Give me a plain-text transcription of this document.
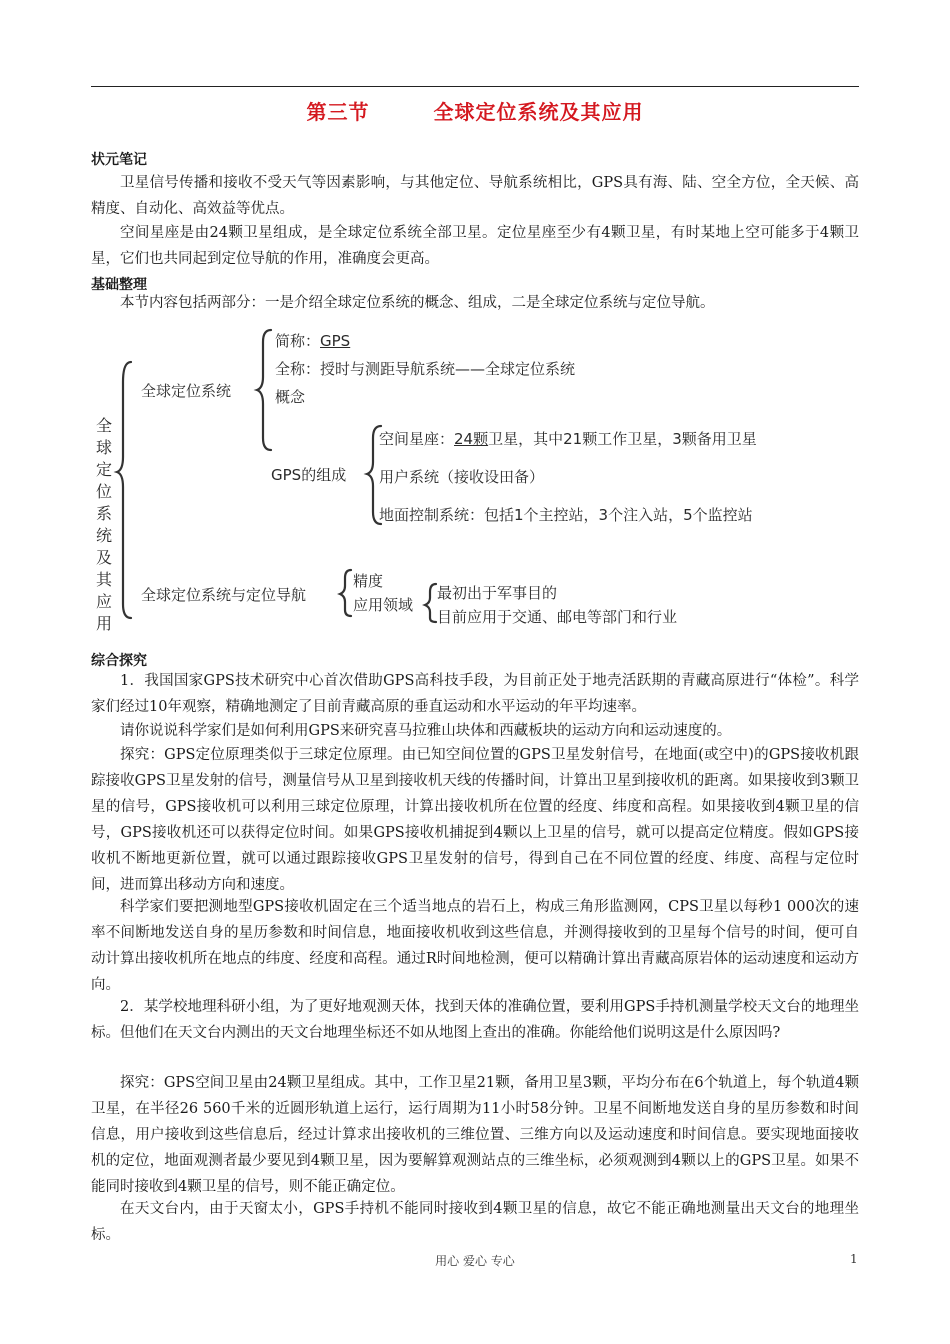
第三节	全球定位系统及其应用
状元笔记

卫星信号传播和接收不受天气等因素影响，与其他定位、导航系统相比，GPS具有海、陆、空全方位，全天候、高精度、自动化、高效益等优点。

空间星座是由24颗卫星组成，是全球定位系统全部卫星。定位星座至少有4颗卫星，有时某地上空可能多于4颗卫星，它们也共同起到定位导航的作用，准确度会更高。

基础整理

本节内容包括两部分：一是介绍全球定位系统的概念、组成，二是全球定位系统与定位导航。

全球定位系统及其应用
全球定位系统
简称：GPS
全称：授时与测距导航系统——全球定位系统
概念
GPS的组成
空间星座：24颗卫星，其中21颗工作卫星，3颗备用卫星
用户系统（接收设田备）
地面控制系统：包括1个主控站，3个注入站，5个监控站
全球定位系统与定位导航
精度
应用领域
最初出于军事目的
目前应用于交通、邮电等部门和行业
综合探究

1．我国国家GPS技术研究中心首次借助GPS高科技手段，为目前正处于地壳活跃期的青藏高原进行“体检”。科学家们经过10年观察，精确地测定了目前青藏高原的垂直运动和水平运动的年平均速率。

请你说说科学家们是如何利用GPS来研究喜马拉雅山块体和西藏板块的运动方向和运动速度的。

探究：GPS定位原理类似于三球定位原理。由已知空间位置的GPS卫星发射信号，在地面(或空中)的GPS接收机跟踪接收GPS卫星发射的信号，测量信号从卫星到接收机天线的传播时间，计算出卫星到接收机的距离。如果接收到3颗卫星的信号，GPS接收机可以利用三球定位原理，计算出接收机所在位置的经度、纬度和高程。如果接收到4颗卫星的信号，GPS接收机还可以获得定位时间。如果GPS接收机捕捉到4颗以上卫星的信号，就可以提高定位精度。假如GPS接收机不断地更新位置，就可以通过跟踪接收GPS卫星发射的信号，得到自己在不同位置的经度、纬度、高程与定位时间，进而算出移动方向和速度。

科学家们要把测地型GPS接收机固定在三个适当地点的岩石上，构成三角形监测网，CPS卫星以每秒1 000次的速率不间断地发送自身的星历参数和时间信息，地面接收机收到这些信息，并测得接收到的卫星每个信号的时间，便可自动计算出接收机所在地点的纬度、经度和高程。通过R时间地检测，便可以精确计算出青藏高原岩体的运动速度和运动方向。

2．某学校地理科研小组，为了更好地观测天体，找到天体的准确位置，要利用GPS手持机测量学校天文台的地理坐标。但他们在天文台内测出的天文台地理坐标还不如从地图上查出的准确。你能给他们说明这是什么原因吗?

探究：GPS空间卫星由24颗卫星组成。其中，工作卫星21颗，备用卫星3颗，平均分布在6个轨道上，每个轨道4颗卫星，在半径26 560千米的近圆形轨道上运行，运行周期为11小时58分钟。卫星不间断地发送自身的星历参数和时间信息，用户接收到这些信息后，经过计算求出接收机的三维位置、三维方向以及运动速度和时间信息。要实现地面接收机的定位，地面观测者最少要见到4颗卫星，因为要解算观测站点的三维坐标，必须观测到4颗以上的GPS卫星。如果不能同时接收到4颗卫星的信号，则不能正确定位。

在天文台内，由于天窗太小，GPS手持机不能同时接收到4颗卫星的信息，故它不能正确地测量出天文台的地理坐标。

用心 爱心 专心	1
